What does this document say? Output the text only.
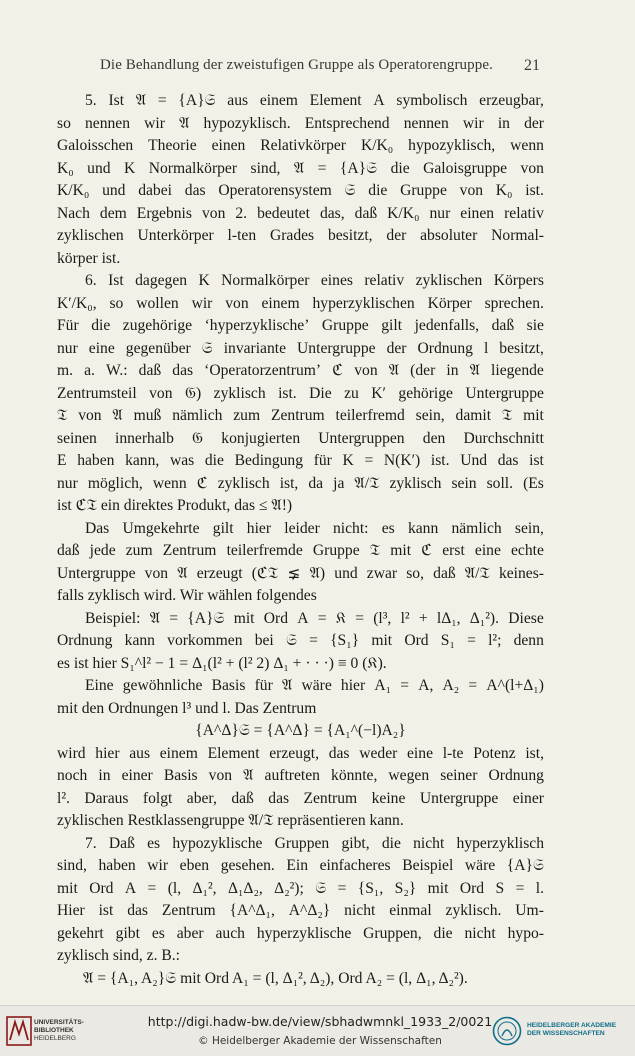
Die Behandlung der zweistufigen Gruppe als Operatorengruppe. 21
5. Ist 𝔄 = {A}𝔖 aus einem Element A symbolisch erzeugbar,
so nennen wir 𝔄 hypozyklisch. Entsprechend nennen wir in der
Galoisschen Theorie einen Relativkörper K/K₀ hypozyklisch, wenn
K₀ und K Normalkörper sind, 𝔄 = {A}𝔖 die Galoisgruppe von
K/K₀ und dabei das Operatorensystem 𝔖 die Gruppe von K₀ ist.
Nach dem Ergebnis von 2. bedeutet das, daß K/K₀ nur einen relativ
zyklischen Unterkörper l-ten Grades besitzt, der absoluter Normal-
körper ist.
6. Ist dagegen K Normalkörper eines relativ zyklischen Körpers
K′/K₀, so wollen wir von einem hyperzyklischen Körper sprechen.
Für die zugehörige ‘hyperzyklische’ Gruppe gilt jedenfalls, daß sie
nur eine gegenüber 𝔖 invariante Untergruppe der Ordnung l besitzt,
m. a. W.: daß das ‘Operatorzentrum’ ℭ von 𝔄 (der in 𝔄 liegende
Zentrumsteil von 𝔊) zyklisch ist. Die zu K′ gehörige Untergruppe
𝔗 von 𝔄 muß nämlich zum Zentrum teilerfremd sein, damit 𝔗 mit
seinen innerhalb 𝔊 konjugierten Untergruppen den Durchschnitt
E haben kann, was die Bedingung für K = N(K′) ist. Und das ist
nur möglich, wenn ℭ zyklisch ist, da ja 𝔄/𝔗 zyklisch sein soll. (Es
ist ℭ𝔗 ein direktes Produkt, das ≤ 𝔄!)
Das Umgekehrte gilt hier leider nicht: es kann nämlich sein,
daß jede zum Zentrum teilerfremde Gruppe 𝔗 mit ℭ erst eine echte
Untergruppe von 𝔄 erzeugt (ℭ𝔗 ⪇ 𝔄) und zwar so, daß 𝔄/𝔗 keines-
falls zyklisch wird. Wir wählen folgendes
Beispiel: 𝔄 = {A}𝔖 mit Ord A = 𝔎 = (l³, l² + lΔ₁, Δ₁²). Diese
Ordnung kann vorkommen bei 𝔖 = {S₁} mit Ord S₁ = l²; denn
es ist hier S₁^l² − 1 = Δ₁(l² + (l² 2) Δ₁ + · · ·) ≡ 0 (𝔎).
Eine gewöhnliche Basis für 𝔄 wäre hier A₁ = A, A₂ = A^(l+Δ₁)
mit den Ordnungen l³ und l. Das Zentrum
{A^Δ}𝔖 = {A^Δ} = {A₁^(−l)A₂}
wird hier aus einem Element erzeugt, das weder eine l-te Potenz ist,
noch in einer Basis von 𝔄 auftreten könnte, wegen seiner Ordnung
l². Daraus folgt aber, daß das Zentrum keine Untergruppe einer
zyklischen Restklassengruppe 𝔄/𝔗 repräsentieren kann.
7. Daß es hypozyklische Gruppen gibt, die nicht hyperzyklisch
sind, haben wir eben gesehen. Ein einfacheres Beispiel wäre {A}𝔖
mit Ord A = (l, Δ₁², Δ₁Δ₂, Δ₂²); 𝔖 = {S₁, S₂} mit Ord S = l.
Hier ist das Zentrum {A^Δ₁, A^Δ₂} nicht einmal zyklisch. Um-
gekehrt gibt es aber auch hyperzyklische Gruppen, die nicht hypo-
zyklisch sind, z. B.:
𝔄 = {A₁, A₂}𝔖 mit Ord A₁ = (l, Δ₁², Δ₂), Ord A₂ = (l, Δ₁, Δ₂²).
UNIVERSITÄTS-
BIBLIOTHEK
HEIDELBERG
http://digi.hadw-bw.de/view/sbhadwmnkl_1933_2/0021
© Heidelberger Akademie der Wissenschaften
HEIDELBERGER AKADEMIE
DER WISSENSCHAFTEN
